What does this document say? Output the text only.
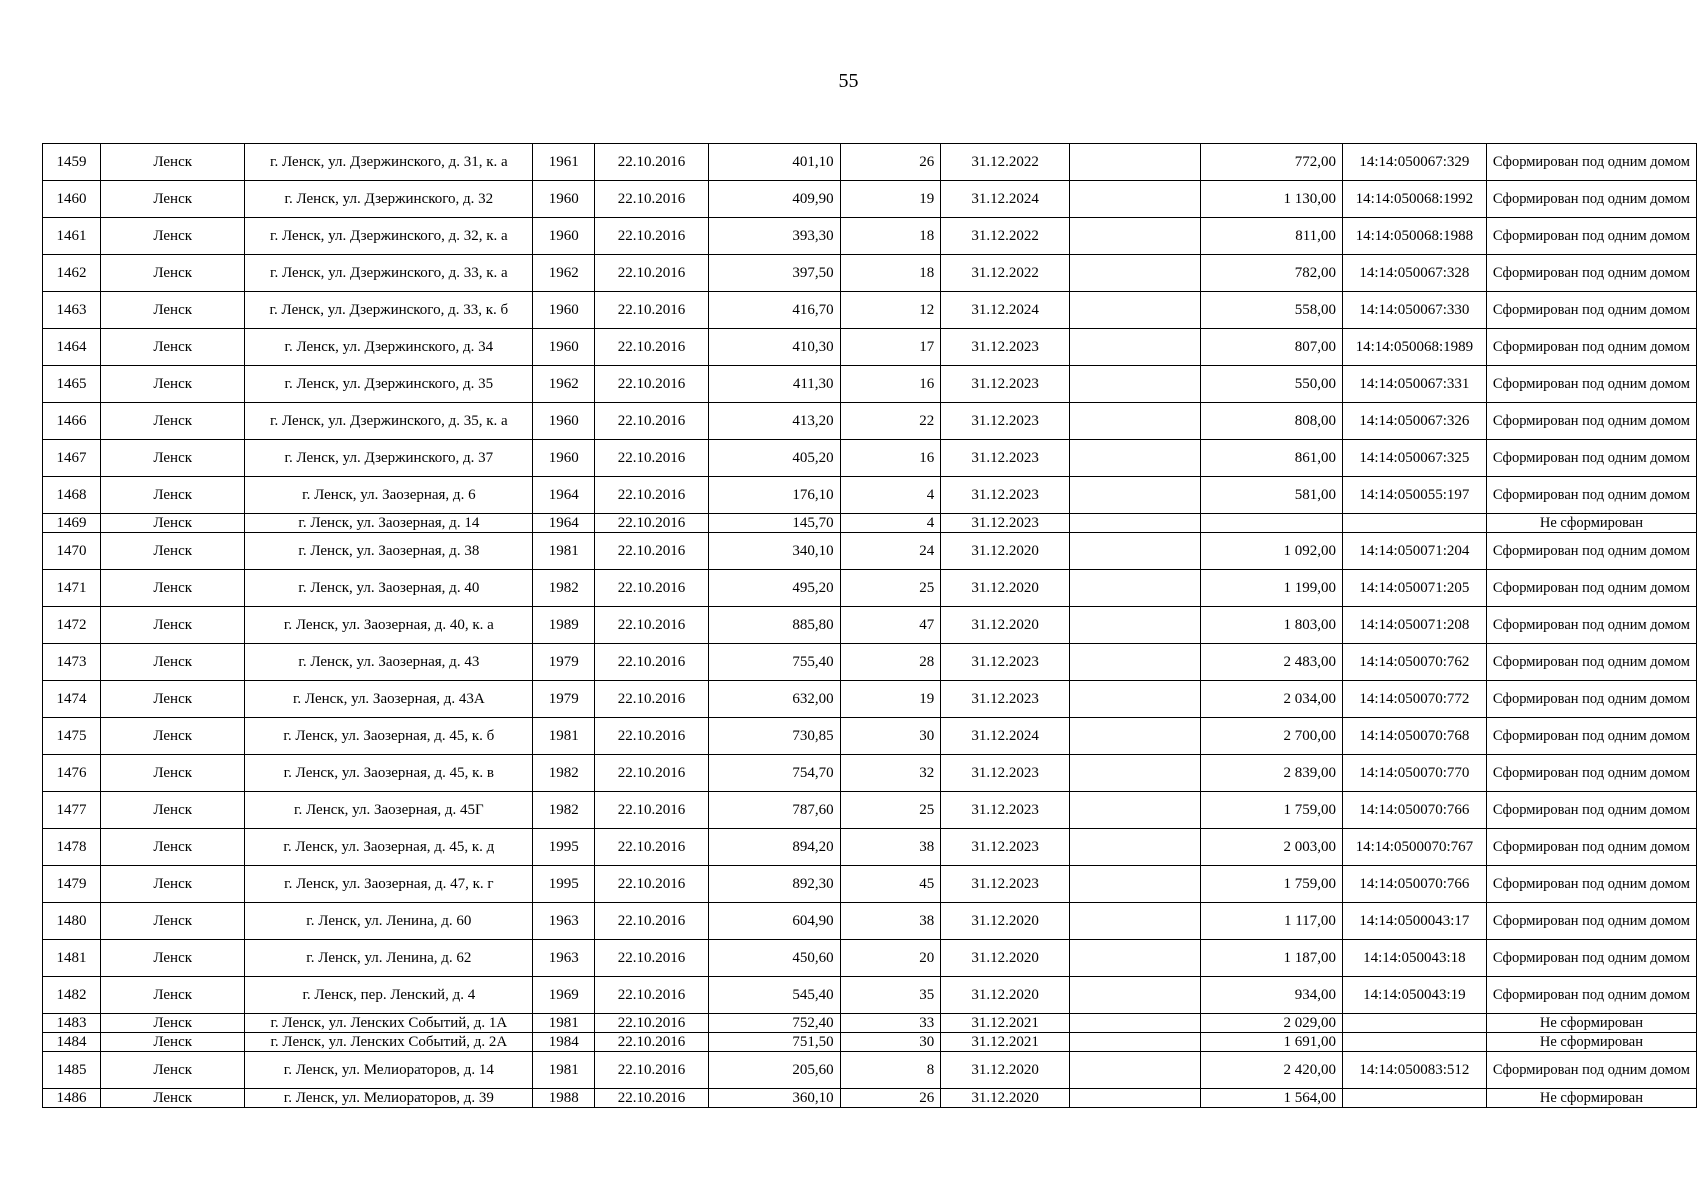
55
1459	Ленск	г. Ленск, ул. Дзержинского, д. 31, к. а	1961	22.10.2016	401,10	26	31.12.2022		772,00	14:14:050067:329	Сформирован под одним домом
1460	Ленск	г. Ленск, ул. Дзержинского, д. 32	1960	22.10.2016	409,90	19	31.12.2024		1 130,00	14:14:050068:1992	Сформирован под одним домом
1461	Ленск	г. Ленск, ул. Дзержинского, д. 32, к. а	1960	22.10.2016	393,30	18	31.12.2022		811,00	14:14:050068:1988	Сформирован под одним домом
1462	Ленск	г. Ленск, ул. Дзержинского, д. 33, к. а	1962	22.10.2016	397,50	18	31.12.2022		782,00	14:14:050067:328	Сформирован под одним домом
1463	Ленск	г. Ленск, ул. Дзержинского, д. 33, к. б	1960	22.10.2016	416,70	12	31.12.2024		558,00	14:14:050067:330	Сформирован под одним домом
1464	Ленск	г. Ленск, ул. Дзержинского, д. 34	1960	22.10.2016	410,30	17	31.12.2023		807,00	14:14:050068:1989	Сформирован под одним домом
1465	Ленск	г. Ленск, ул. Дзержинского, д. 35	1962	22.10.2016	411,30	16	31.12.2023		550,00	14:14:050067:331	Сформирован под одним домом
1466	Ленск	г. Ленск, ул. Дзержинского, д. 35, к. а	1960	22.10.2016	413,20	22	31.12.2023		808,00	14:14:050067:326	Сформирован под одним домом
1467	Ленск	г. Ленск, ул. Дзержинского, д. 37	1960	22.10.2016	405,20	16	31.12.2023		861,00	14:14:050067:325	Сформирован под одним домом
1468	Ленск	г. Ленск, ул. Заозерная, д. 6	1964	22.10.2016	176,10	4	31.12.2023		581,00	14:14:050055:197	Сформирован под одним домом
1469	Ленск	г. Ленск, ул. Заозерная, д. 14	1964	22.10.2016	145,70	4	31.12.2023				Не сформирован
1470	Ленск	г. Ленск, ул. Заозерная, д. 38	1981	22.10.2016	340,10	24	31.12.2020		1 092,00	14:14:050071:204	Сформирован под одним домом
1471	Ленск	г. Ленск, ул. Заозерная, д. 40	1982	22.10.2016	495,20	25	31.12.2020		1 199,00	14:14:050071:205	Сформирован под одним домом
1472	Ленск	г. Ленск, ул. Заозерная, д. 40, к. а	1989	22.10.2016	885,80	47	31.12.2020		1 803,00	14:14:050071:208	Сформирован под одним домом
1473	Ленск	г. Ленск, ул. Заозерная, д. 43	1979	22.10.2016	755,40	28	31.12.2023		2 483,00	14:14:050070:762	Сформирован под одним домом
1474	Ленск	г. Ленск, ул. Заозерная, д. 43А	1979	22.10.2016	632,00	19	31.12.2023		2 034,00	14:14:050070:772	Сформирован под одним домом
1475	Ленск	г. Ленск, ул. Заозерная, д. 45, к. б	1981	22.10.2016	730,85	30	31.12.2024		2 700,00	14:14:050070:768	Сформирован под одним домом
1476	Ленск	г. Ленск, ул. Заозерная, д. 45, к. в	1982	22.10.2016	754,70	32	31.12.2023		2 839,00	14:14:050070:770	Сформирован под одним домом
1477	Ленск	г. Ленск, ул. Заозерная, д. 45Г	1982	22.10.2016	787,60	25	31.12.2023		1 759,00	14:14:050070:766	Сформирован под одним домом
1478	Ленск	г. Ленск, ул. Заозерная, д. 45, к. д	1995	22.10.2016	894,20	38	31.12.2023		2 003,00	14:14:0500070:767	Сформирован под одним домом
1479	Ленск	г. Ленск, ул. Заозерная, д. 47, к. г	1995	22.10.2016	892,30	45	31.12.2023		1 759,00	14:14:050070:766	Сформирован под одним домом
1480	Ленск	г. Ленск, ул. Ленина, д. 60	1963	22.10.2016	604,90	38	31.12.2020		1 117,00	14:14:0500043:17	Сформирован под одним домом
1481	Ленск	г. Ленск, ул. Ленина, д. 62	1963	22.10.2016	450,60	20	31.12.2020		1 187,00	14:14:050043:18	Сформирован под одним домом
1482	Ленск	г. Ленск, пер. Ленский, д. 4	1969	22.10.2016	545,40	35	31.12.2020		934,00	14:14:050043:19	Сформирован под одним домом
1483	Ленск	г. Ленск, ул. Ленских Событий, д. 1А	1981	22.10.2016	752,40	33	31.12.2021		2 029,00		Не сформирован
1484	Ленск	г. Ленск, ул. Ленских Событий, д. 2А	1984	22.10.2016	751,50	30	31.12.2021		1 691,00		Не сформирован
1485	Ленск	г. Ленск, ул. Мелиораторов, д. 14	1981	22.10.2016	205,60	8	31.12.2020		2 420,00	14:14:050083:512	Сформирован под одним домом
1486	Ленск	г. Ленск, ул. Мелиораторов, д. 39	1988	22.10.2016	360,10	26	31.12.2020		1 564,00		Не сформирован
